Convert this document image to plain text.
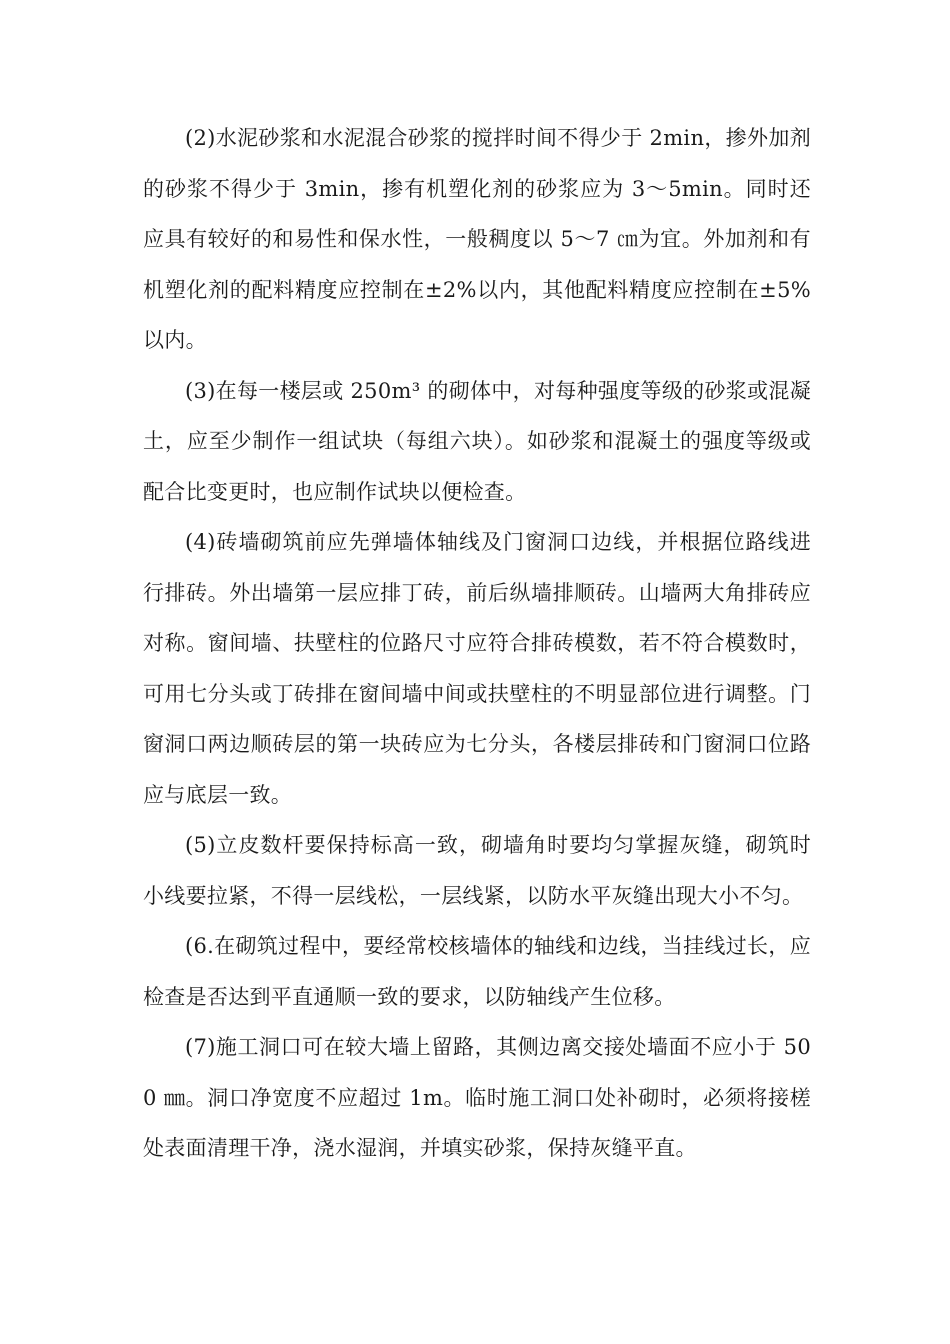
(2)水泥砂浆和水泥混合砂浆的搅拌时间不得少于 2min，掺外加剂的砂浆不得少于 3min，掺有机塑化剂的砂浆应为 3～5min。同时还应具有较好的和易性和保水性，一般稠度以 5～7 ㎝为宜。外加剂和有机塑化剂的配料精度应控制在±2%以内，其他配料精度应控制在±5%以内。

(3)在每一楼层或 250m³ 的砌体中，对每种强度等级的砂浆或混凝土，应至少制作一组试块（每组六块）。如砂浆和混凝土的强度等级或配合比变更时，也应制作试块以便检查。

(4)砖墙砌筑前应先弹墙体轴线及门窗洞口边线，并根据位路线进行排砖。外出墙第一层应排丁砖，前后纵墙排顺砖。山墙两大角排砖应对称。窗间墙、扶壁柱的位路尺寸应符合排砖模数，若不符合模数时，可用七分头或丁砖排在窗间墙中间或扶壁柱的不明显部位进行调整。门窗洞口两边顺砖层的第一块砖应为七分头，各楼层排砖和门窗洞口位路应与底层一致。

(5)立皮数杆要保持标高一致，砌墙角时要均匀掌握灰缝，砌筑时小线要拉紧，不得一层线松，一层线紧，以防水平灰缝出现大小不匀。

(6.在砌筑过程中，要经常校核墙体的轴线和边线，当挂线过长，应检查是否达到平直通顺一致的要求，以防轴线产生位移。

(7)施工洞口可在较大墙上留路，其侧边离交接处墙面不应小于 500 ㎜。洞口净宽度不应超过 1m。临时施工洞口处补砌时，必须将接槎处表面清理干净，浇水湿润，并填实砂浆，保持灰缝平直。
